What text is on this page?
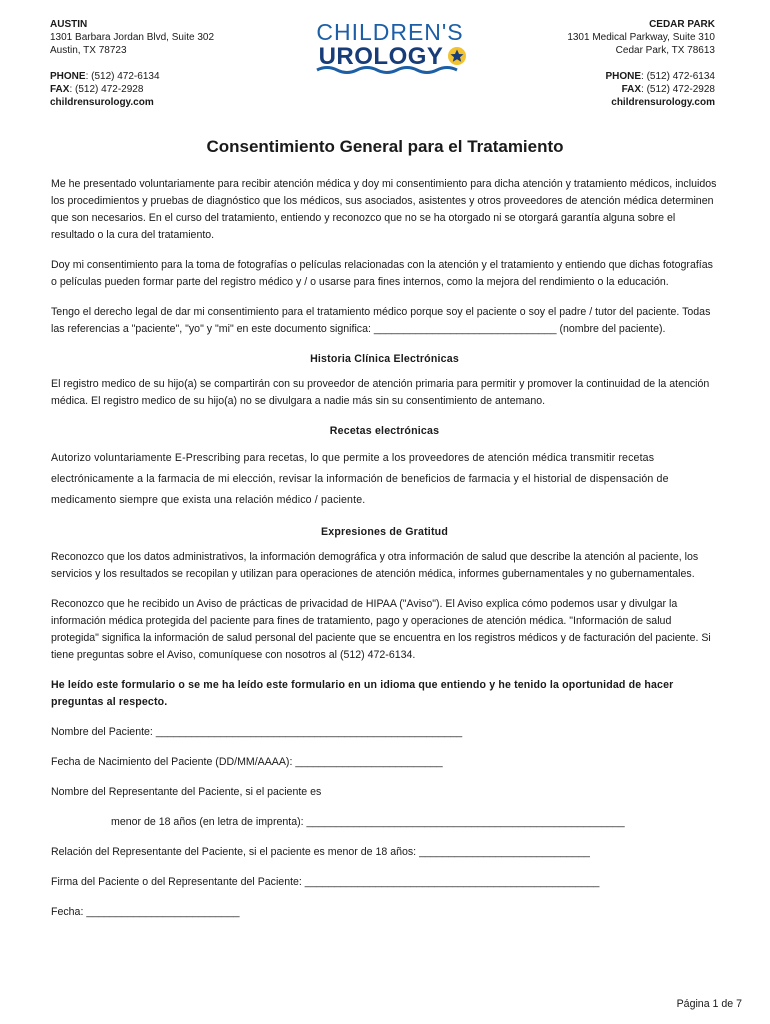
AUSTIN
1301 Barbara Jordan Blvd, Suite 302
Austin, TX 78723
PHONE: (512) 472-6134
FAX: (512) 472-2928
childrensurology.com
CHILDREN'S
UROLOGY
CEDAR PARK
1301 Medical Parkway, Suite 310
Cedar Park, TX 78613
PHONE: (512) 472-6134
FAX: (512) 472-2928
childrensurology.com
Consentimiento General para el Tratamiento

Me he presentado voluntariamente para recibir atención médica y doy mi consentimiento para dicha atención y tratamiento médicos, incluidos los procedimientos y pruebas de diagnóstico que los médicos, sus asociados, asistentes y otros proveedores de atención médica determinen que son necesarios. En el curso del tratamiento, entiendo y reconozco que no se ha otorgado ni se otorgará garantía alguna sobre el resultado o la cura del tratamiento.

Doy mi consentimiento para la toma de fotografías o películas relacionadas con la atención y el tratamiento y entiendo que dichas fotografías o películas pueden formar parte del registro médico y / o usarse para fines internos, como la mejora del rendimiento o la educación.

Tengo el derecho legal de dar mi consentimiento para el tratamiento médico porque soy el paciente o soy el padre / tutor del paciente. Todas las referencias a "paciente", "yo" y "mi" en este documento significa: _______________________________ (nombre del paciente).

Historia Clínica Electrónicas

El registro medico de su hijo(a) se compartirán con su proveedor de atención primaria para permitir y promover la continuidad de la atención médica. El registro medico de su hijo(a) no se divulgara a nadie más sin su consentimiento de antemano.

Recetas electrónicas

Autorizo voluntariamente E-Prescribing para recetas, lo que permite a los proveedores de atención médica transmitir recetas electrónicamente a la farmacia de mi elección, revisar la información de beneficios de farmacia y el historial de dispensación de medicamento siempre que exista una relación médico / paciente.

Expresiones de Gratitud

Reconozco que los datos administrativos, la información demográfica y otra información de salud que describe la atención al paciente, los servicios y los resultados se recopilan y utilizan para operaciones de atención médica, informes gubernamentales y no gubernamentales.

Reconozco que he recibido un Aviso de prácticas de privacidad de HIPAA ("Aviso"). El Aviso explica cómo podemos usar y divulgar la información médica protegida del paciente para fines de tratamiento, pago y operaciones de atención médica. "Información de salud protegida" significa la información de salud personal del paciente que se encuentra en los registros médicos y de facturación del paciente. Si tiene preguntas sobre el Aviso, comuníquese con nosotros al (512) 472-6134.

He leído este formulario o se me ha leído este formulario en un idioma que entiendo y he tenido la oportunidad de hacer preguntas al respecto.

Nombre del Paciente: ____________________________________________________
Fecha de Nacimiento del Paciente (DD/MM/AAAA): _________________________
Nombre del Representante del Paciente, si el paciente es
menor de 18 años (en letra de imprenta): ______________________________________________________
Relación del Representante del Paciente, si el paciente es menor de 18 años: _____________________________
Firma del Paciente o del Representante del Paciente: __________________________________________________
Fecha: __________________________
Página 1 de 7
